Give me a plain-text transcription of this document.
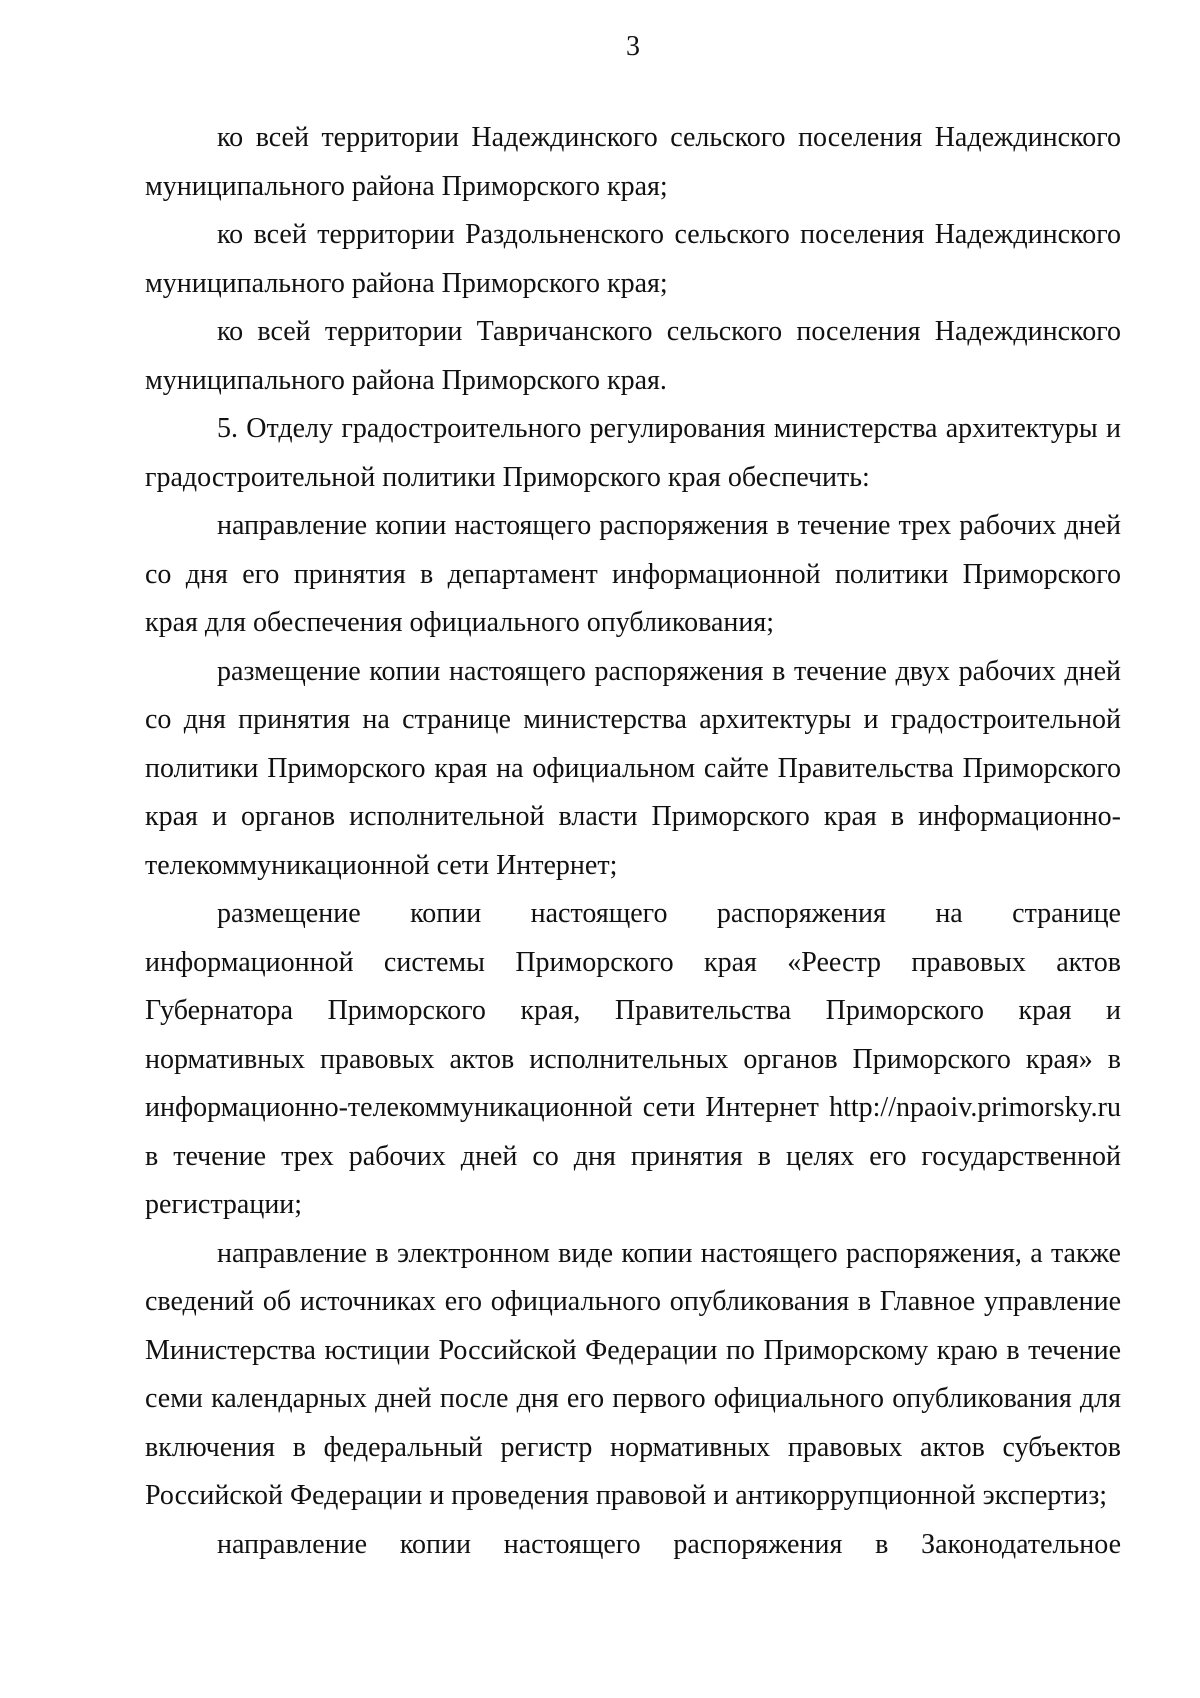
3

ко всей территории Надеждинского сельского поселения Надеждинского муниципального района Приморского края;

ко всей территории Раздольненского сельского поселения Надеждинского муниципального района Приморского края;

ко всей территории Тавричанского сельского поселения Надеждинского муниципального района Приморского края.

5. Отделу градостроительного регулирования министерства архитектуры и градостроительной политики Приморского края обеспечить:

направление копии настоящего распоряжения в течение трех рабочих дней со дня его принятия в департамент информационной политики Приморского края для обеспечения официального опубликования;

размещение копии настоящего распоряжения в течение двух рабочих дней со дня принятия на странице министерства архитектуры и градостроительной политики Приморского края на официальном сайте Правительства Приморского края и органов исполнительной власти Приморского края в информационно-телекоммуникационной сети Интернет;

размещение копии настоящего распоряжения на странице информационной системы Приморского края «Реестр правовых актов Губернатора Приморского края, Правительства Приморского края и нормативных правовых актов исполнительных органов Приморского края» в информационно-телекоммуникационной сети Интернет http://npaoiv.primorsky.ru в течение трех рабочих дней со дня принятия в целях его государственной регистрации;

направление в электронном виде копии настоящего распоряжения, а также сведений об источниках его официального опубликования в Главное управление Министерства юстиции Российской Федерации по Приморскому краю в течение семи календарных дней после дня его первого официального опубликования для включения в федеральный регистр нормативных правовых актов субъектов Российской Федерации и проведения правовой и антикоррупционной экспертиз;

направление копии настоящего распоряжения в Законодательное
